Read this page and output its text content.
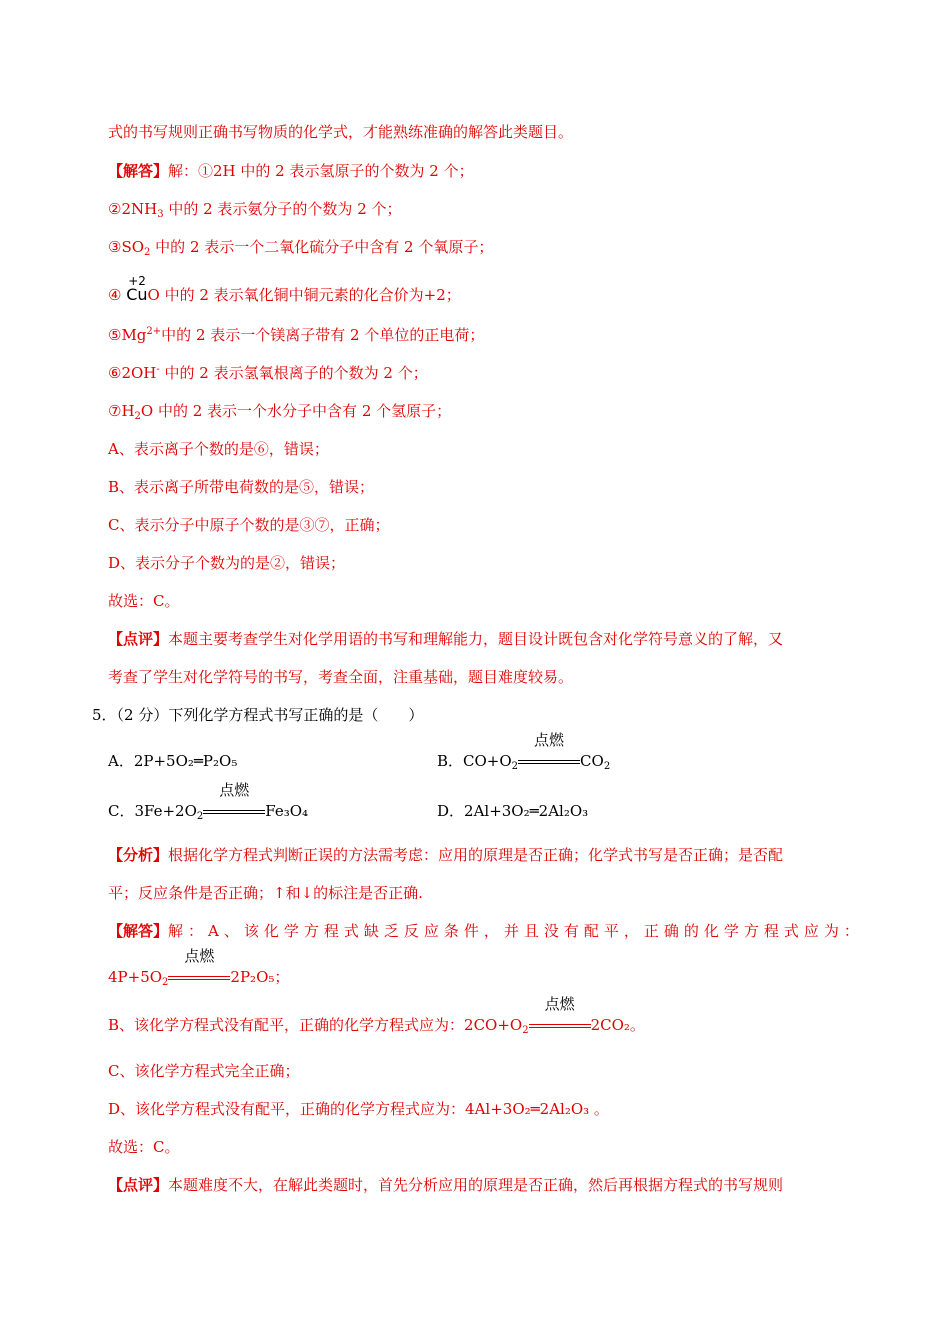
式的书写规则正确书写物质的化学式，才能熟练准确的解答此类题目。
【解答】解：①2H 中的 2 表示氢原子的个数为 2 个；
$②2NH_3$ 中的 2 表示氨分子的个数为 2 个；
$③SO_2$ 中的 2 表示一个二氧化硫分子中含有 2 个氧原子；
④
+2
CuO 中的 2 表示氧化铜中铜元素的化合价为+2；
$⑤Mg^{2+}$中的 2 表示一个镁离子带有 2 个单位的正电荷；
⑥2OH- 中的 2 表示氢氧根离子的个数为 2 个；
$⑦H_2O$ 中的 2 表示一个水分子中含有 2 个氢原子；
A、表示离子个数的是⑥，错误；
B、表示离子所带电荷数的是⑤，错误；
C、表示分子中原子个数的是③⑦，正确；
D、表示分子个数为的是②，错误；
故选：C。
【点评】本题主要考查学生对化学用语的书写和理解能力，题目设计既包含对化学符号意义的了解，又
考查了学生对化学符号的书写，考查全面，注重基础，题目难度较易。
5．（2 分）下列化学方程式书写正确的是（　　）
A．2P+5O₂═P₂O₅	B．$CO+O_2$
点燃
$CO_2$
C．$3Fe+2O_2$
点燃
Fe₃O₄	D．2Al+3O₂═2Al₂O₃
【分析】根据化学方程式判断正误的方法需考虑：应用的原理是否正确；化学式书写是否正确；是否配
平；反应条件是否正确；↑和↓的标注是否正确.
【解答】解：A、该化学方程式缺乏反应条件，并且没有配平，正确的化学方程式应为：
$4P+5O_2$
点燃
2P₂O₅；
B、该化学方程式没有配平，正确的化学方程式应为：$2CO+O_2$
点燃
2CO₂。
C、该化学方程式完全正确；
D、该化学方程式没有配平，正确的化学方程式应为：4Al+3O₂═2Al₂O₃ 。
故选：C。
【点评】本题难度不大，在解此类题时，首先分析应用的原理是否正确，然后再根据方程式的书写规则
